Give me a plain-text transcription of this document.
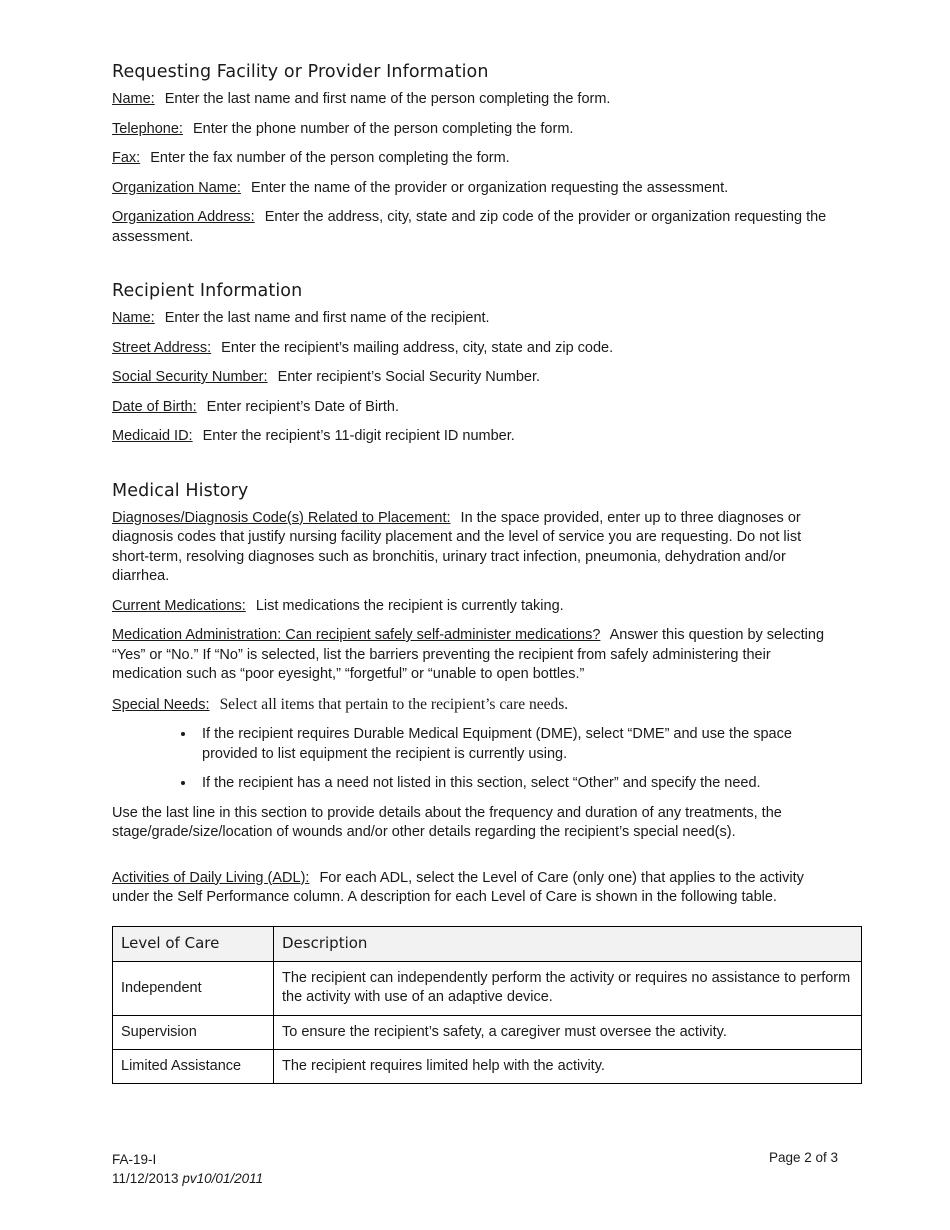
Requesting Facility or Provider Information

Name: Enter the last name and first name of the person completing the form.

Telephone: Enter the phone number of the person completing the form.

Fax: Enter the fax number of the person completing the form.

Organization Name: Enter the name of the provider or organization requesting the assessment.

Organization Address: Enter the address, city, state and zip code of the provider or organization requesting the assessment.

Recipient Information

Name: Enter the last name and first name of the recipient.

Street Address: Enter the recipient’s mailing address, city, state and zip code.

Social Security Number: Enter recipient’s Social Security Number.

Date of Birth: Enter recipient’s Date of Birth.

Medicaid ID: Enter the recipient’s 11-digit recipient ID number.

Medical History

Diagnoses/Diagnosis Code(s) Related to Placement: In the space provided, enter up to three diagnoses or diagnosis codes that justify nursing facility placement and the level of service you are requesting. Do not list short-term, resolving diagnoses such as bronchitis, urinary tract infection, pneumonia, dehydration and/or diarrhea.

Current Medications: List medications the recipient is currently taking.

Medication Administration: Can recipient safely self-administer medications? Answer this question by selecting “Yes” or “No.” If “No” is selected, list the barriers preventing the recipient from safely administering their medication such as “poor eyesight,” “forgetful” or “unable to open bottles.”

Special Needs: Select all items that pertain to the recipient’s care needs.

• If the recipient requires Durable Medical Equipment (DME), select “DME” and use the space provided to list equipment the recipient is currently using.
• If the recipient has a need not listed in this section, select “Other” and specify the need.

Use the last line in this section to provide details about the frequency and duration of any treatments, the stage/grade/size/location of wounds and/or other details regarding the recipient’s special need(s).

Activities of Daily Living (ADL): For each ADL, select the Level of Care (only one) that applies to the activity under the Self Performance column. A description for each Level of Care is shown in the following table.

Level of Care	Description
Independent	The recipient can independently perform the activity or requires no assistance to perform the activity with use of an adaptive device.
Supervision	To ensure the recipient’s safety, a caregiver must oversee the activity.
Limited Assistance	The recipient requires limited help with the activity.
FA-19-I
11/12/2013 pv10/01/2011
Page 2 of 3
